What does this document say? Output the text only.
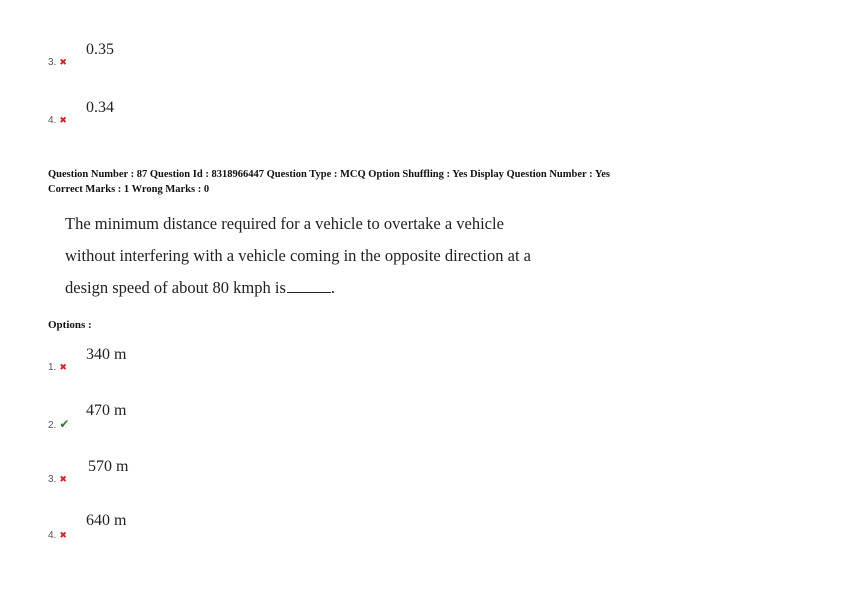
0.35
3. ✖
0.34
4. ✖
Question Number : 87 Question Id : 8318966447 Question Type : MCQ Option Shuffling : Yes Display Question Number : Yes
Correct Marks : 1 Wrong Marks : 0
The minimum distance required for a vehicle to overtake a vehicle
without interfering with a vehicle coming in the opposite direction at a
design speed of about 80 kmph is	.
Options :
340 m
1. ✖
470 m
2. ✔
570 m
3. ✖
640 m
4. ✖
